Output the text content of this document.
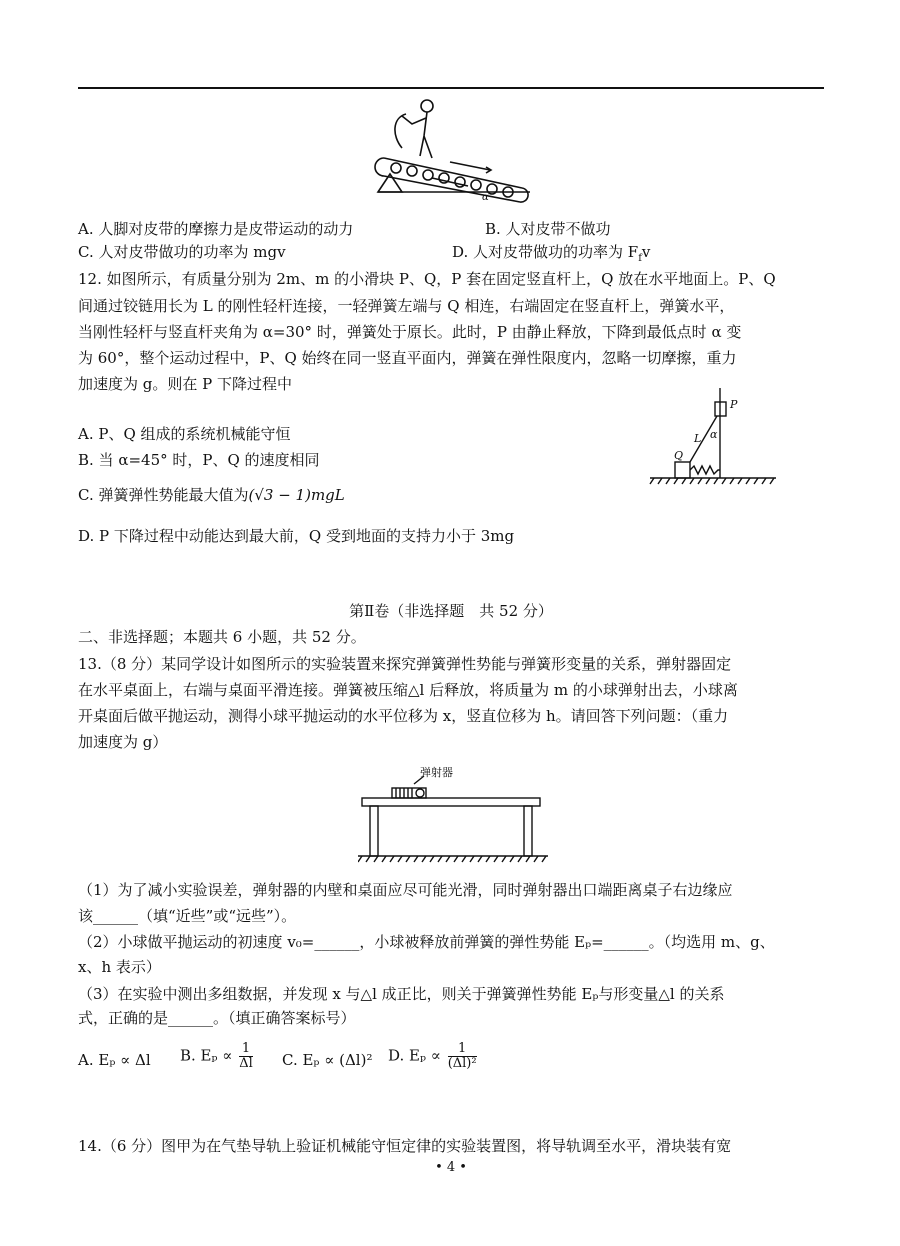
α
A. 人脚对皮带的摩擦力是皮带运动的动力	B. 人对皮带不做功
C. 人对皮带做功的功率为 mgv	D. 人对皮带做功的功率为 $F_fv$
12. 如图所示，有质量分别为 2m、m 的小滑块 P、Q，P 套在固定竖直杆上，Q 放在水平地面上。P、Q
间通过铰链用长为 L 的刚性轻杆连接，一轻弹簧左端与 Q 相连，右端固定在竖直杆上，弹簧水平，
当刚性轻杆与竖直杆夹角为 α=30° 时，弹簧处于原长。此时，P 由静止释放，下降到最低点时 α 变
为 60°，整个运动过程中，P、Q 始终在同一竖直平面内，弹簧在弹性限度内，忽略一切摩擦，重力
加速度为 g。则在 P 下降过程中
P
Q
L α
A. P、Q 组成的系统机械能守恒
B. 当 α=45° 时，P、Q 的速度相同
C. 弹簧弹性势能最大值为(√3 − 1)mgL
D. P 下降过程中动能达到最大前，Q 受到地面的支持力小于 3mg
第Ⅱ卷（非选择题　共 52 分）
二、非选择题；本题共 6 小题，共 52 分。
13.（8 分）某同学设计如图所示的实验装置来探究弹簧弹性势能与弹簧形变量的关系，弹射器固定
在水平桌面上，右端与桌面平滑连接。弹簧被压缩△l 后释放，将质量为 m 的小球弹射出去，小球离
开桌面后做平抛运动，测得小球平抛运动的水平位移为 x，竖直位移为 h。请回答下列问题：（重力
加速度为 g）
弹射器
（1）为了减小实验误差，弹射器的内壁和桌面应尽可能光滑，同时弹射器出口端距离桌子右边缘应
该______（填“近些”或“远些”）。
（2）小球做平抛运动的初速度 v₀=______，小球被释放前弹簧的弹性势能 Eₚ=______。（均选用 m、g、
x、h 表示）
（3）在实验中测出多组数据，并发现 x 与△l 成正比，则关于弹簧弹性势能 Eₚ与形变量△l 的关系
式，正确的是______。（填正确答案标号）
A. Eₚ ∝ Δl B. $E_p \propto \frac{1}{\Delta l} C$. Eₚ ∝ (Δl)² D. $E_p \propto \frac{1}{\text{(Δl)²}}$
14.（6 分）图甲为在气垫导轨上验证机械能守恒定律的实验装置图，将导轨调至水平，滑块装有宽
• 4 •
